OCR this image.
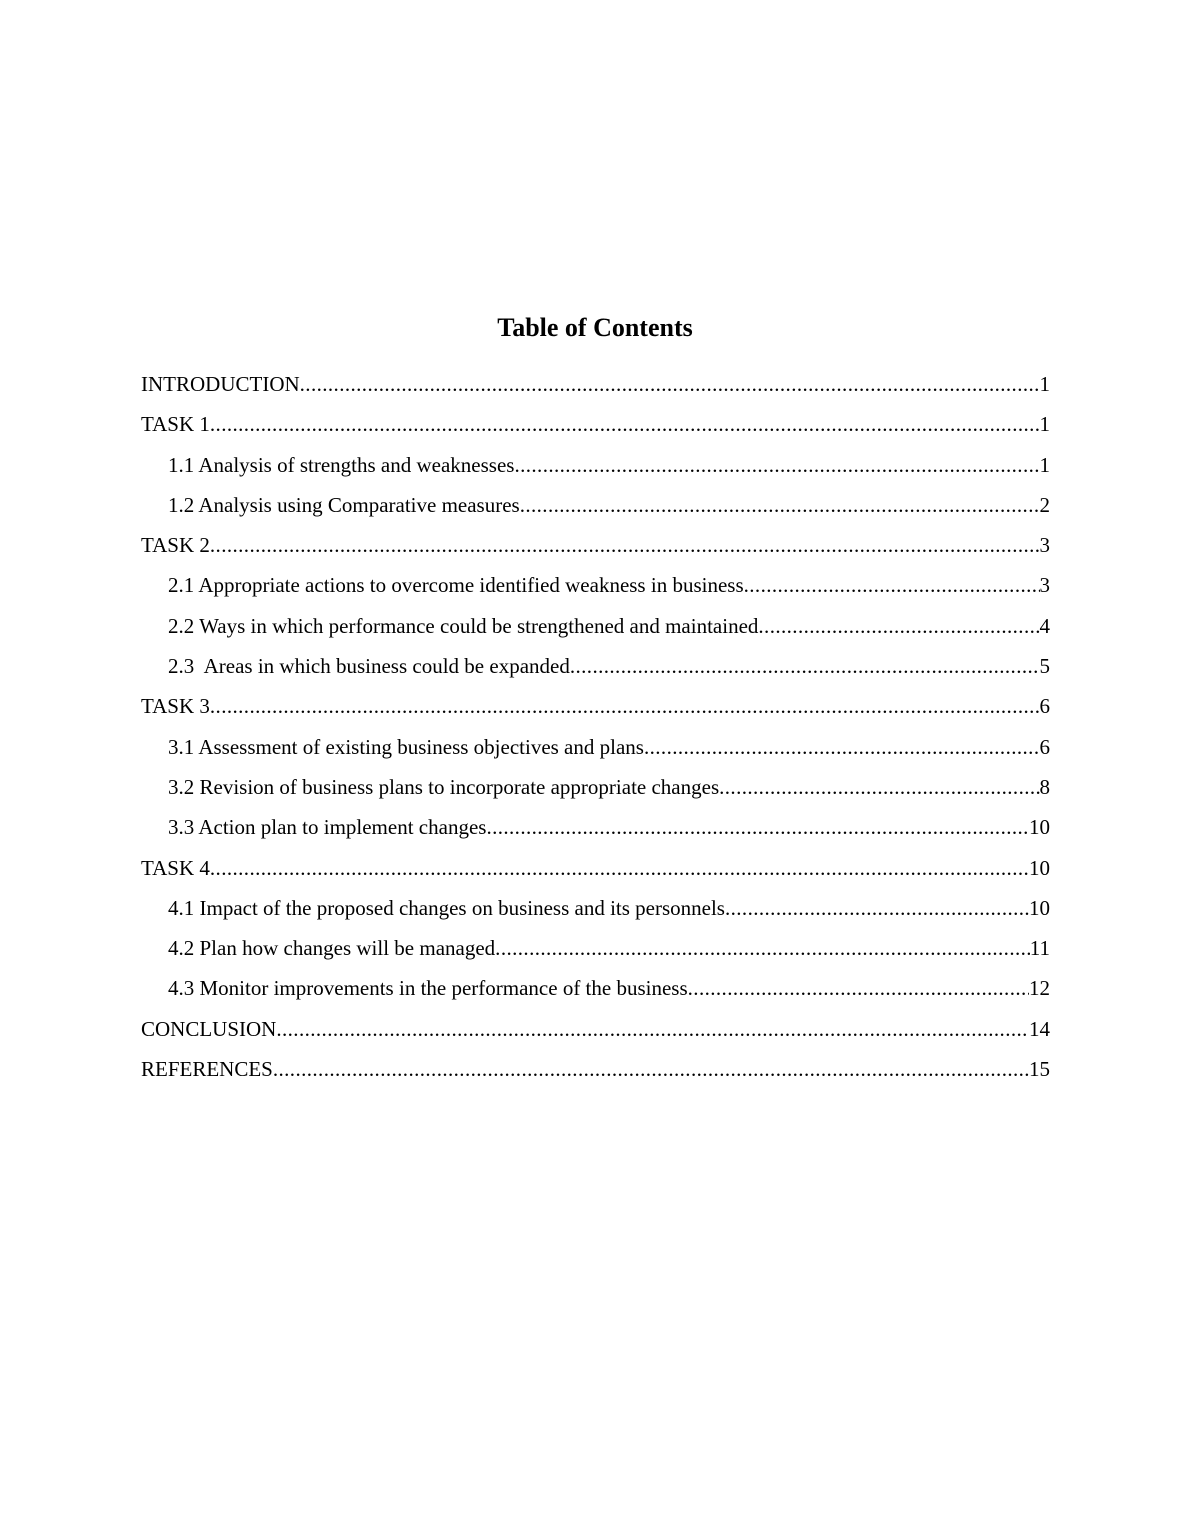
Table of Contents
INTRODUCTION .....	1
TASK 1 .....	1
1.1 Analysis of strengths and weaknesses .....	1
1.2 Analysis using Comparative measures .....	2
TASK 2 .....	3
2.1 Appropriate actions to overcome identified weakness in business .....	3
2.2 Ways in which performance could be strengthened and maintained .....	4
2.3  Areas in which business could be expanded .....	5
TASK 3 .....	6
3.1 Assessment of existing business objectives and plans .....	6
3.2 Revision of business plans to incorporate appropriate changes .....	8
3.3 Action plan to implement changes .....	10
TASK 4 .....	10
4.1 Impact of the proposed changes on business and its personnels .....	10
4.2 Plan how changes will be managed .....	11
4.3 Monitor improvements in the performance of the business .....	12
CONCLUSION .....	14
REFERENCES .....	15
